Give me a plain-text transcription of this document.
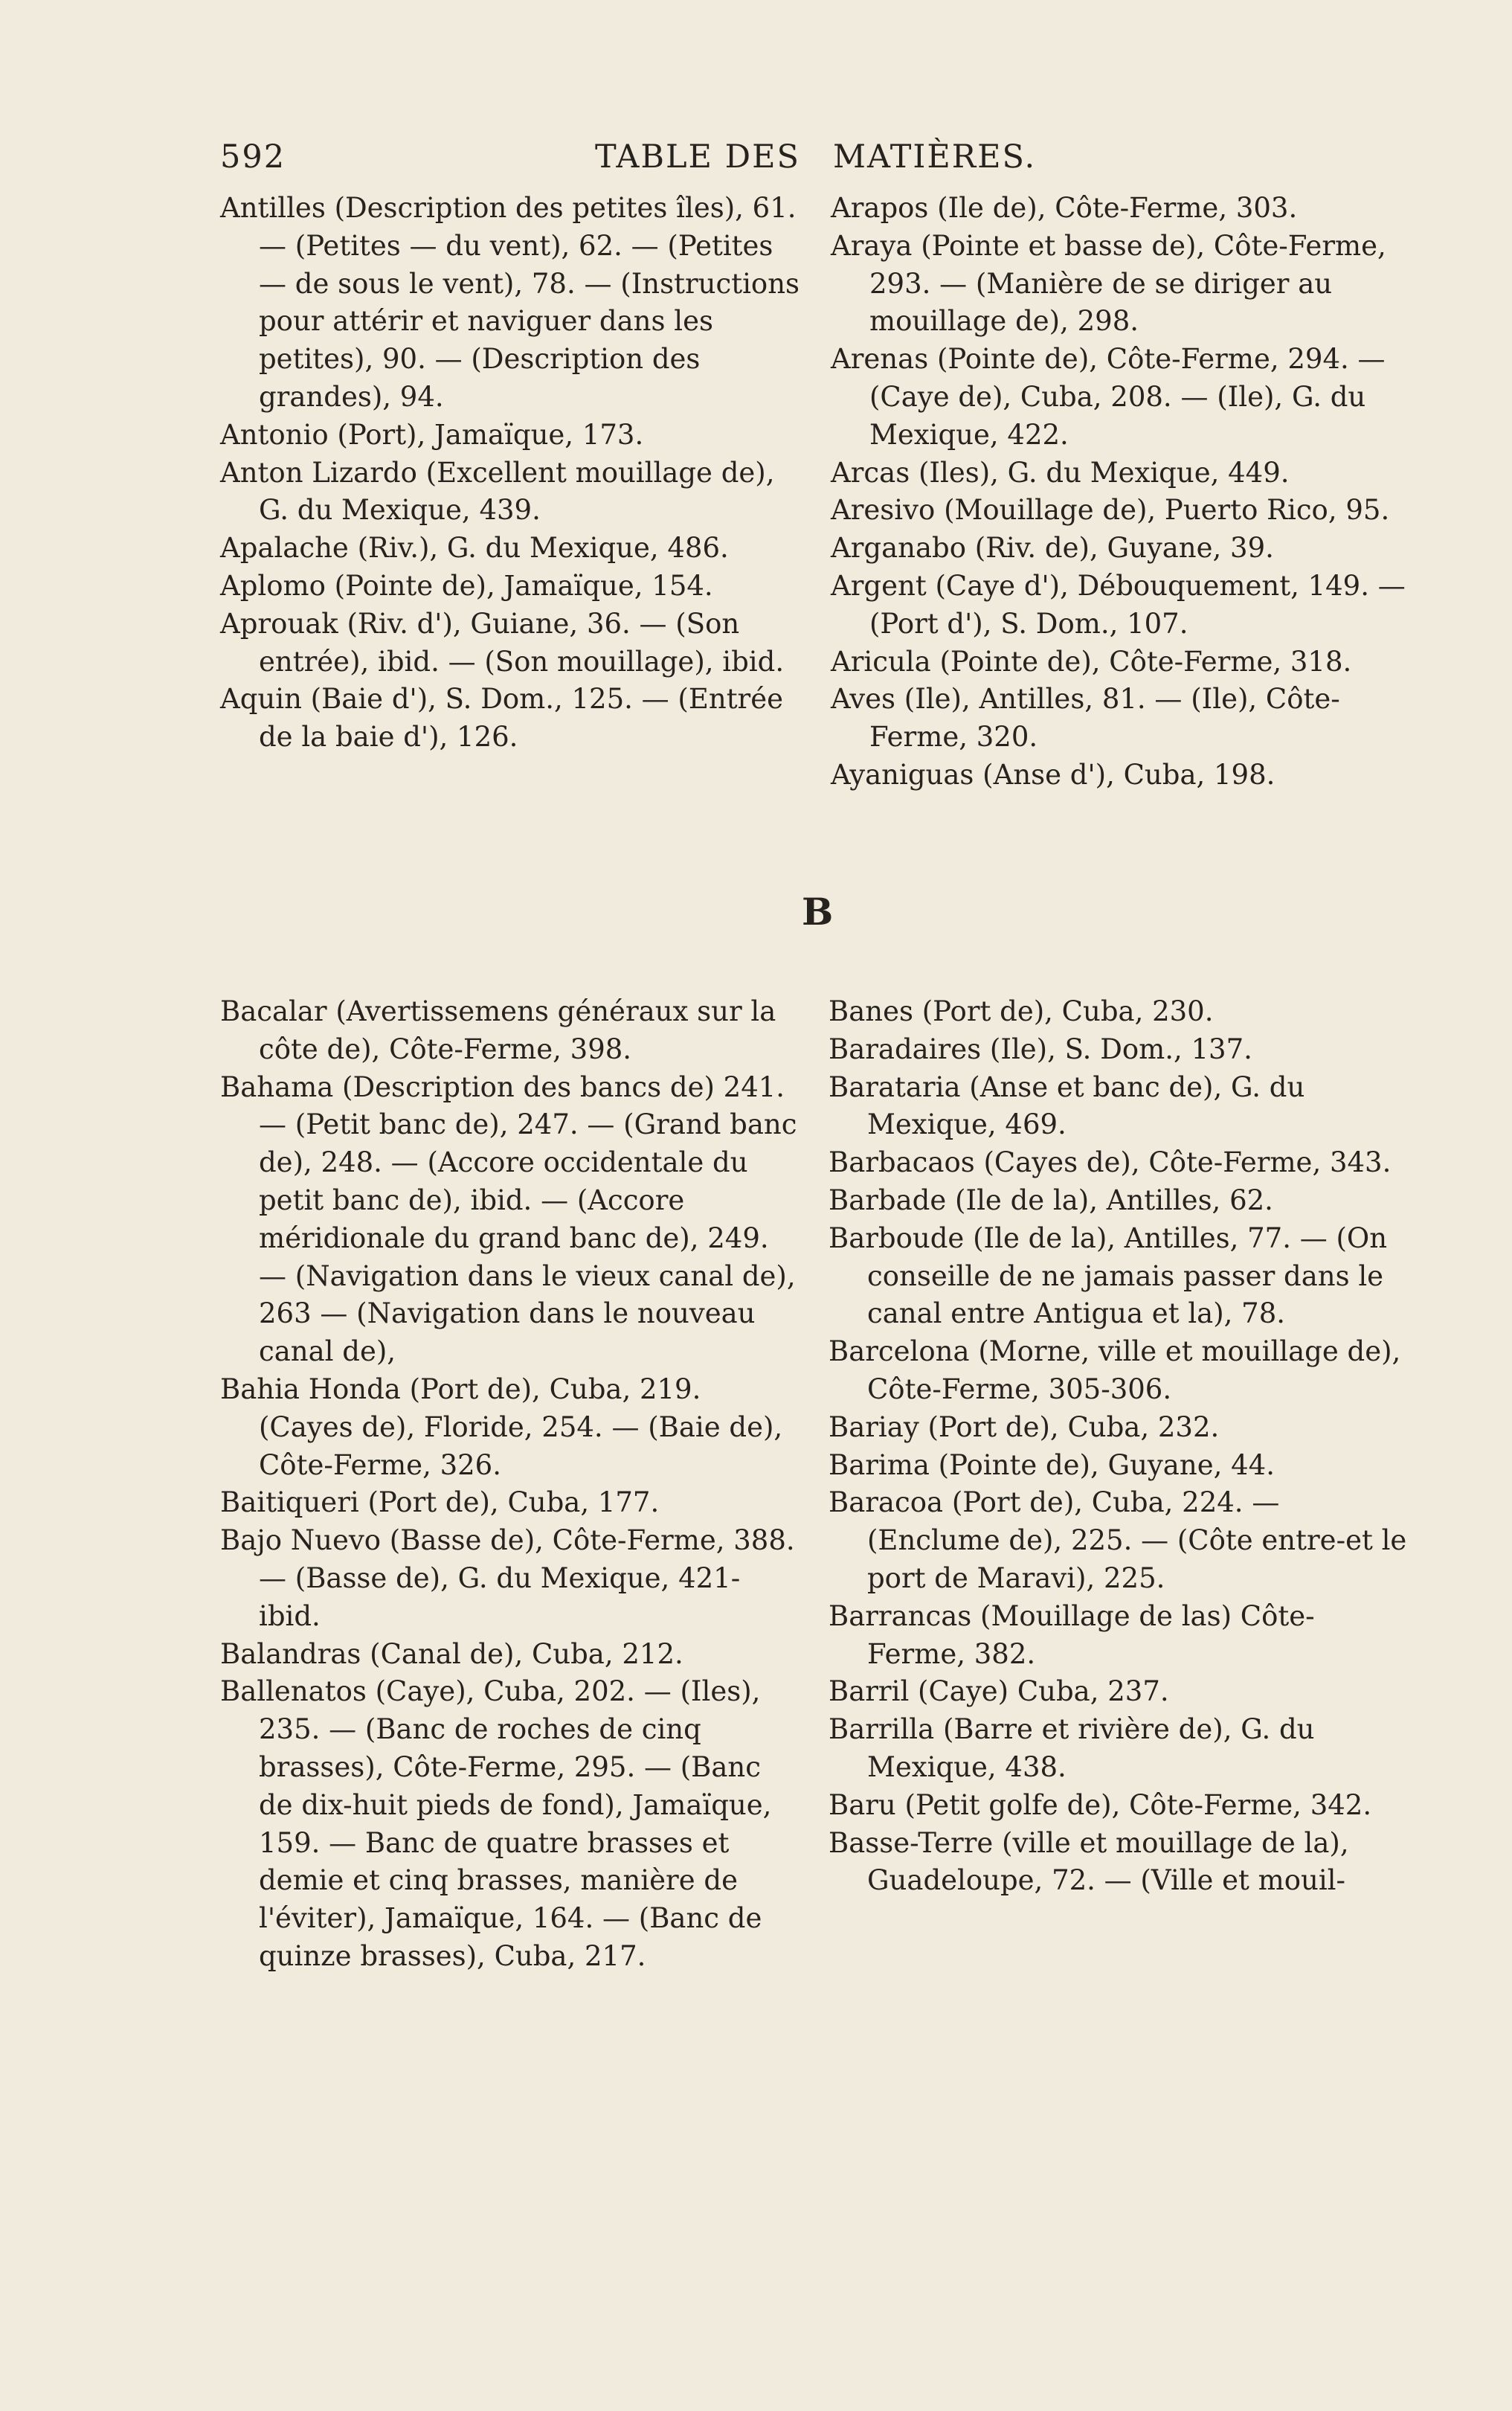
592	TABLE DES MATIÈRES.

Antilles (Description des petites îles), 61. — (Petites — du vent), 62. — (Petites — de sous le vent), 78. — (Instructions pour attérir et naviguer dans les petites), 90. — (Description des grandes), 94.

Antonio (Port), Jamaïque, 173.

Anton Lizardo (Excellent mouillage de), G. du Mexique, 439.

Apalache (Riv.), G. du Mexique, 486.

Aplomo (Pointe de), Jamaïque, 154.

Aprouak (Riv. d'), Guiane, 36. — (Son entrée), ibid. — (Son mouillage), ibid.

Aquin (Baie d'), S. Dom., 125. — (Entrée de la baie d'), 126.

Arapos (Ile de), Côte-Ferme, 303.

Araya (Pointe et basse de), Côte-Ferme, 293. — (Manière de se diriger au mouillage de), 298.

Arenas (Pointe de), Côte-Ferme, 294. — (Caye de), Cuba, 208. — (Ile), G. du Mexique, 422.

Arcas (Iles), G. du Mexique, 449.

Aresivo (Mouillage de), Puerto Rico, 95.

Arganabo (Riv. de), Guyane, 39.

Argent (Caye d'), Débouquement, 149. — (Port d'), S. Dom., 107.

Aricula (Pointe de), Côte-Ferme, 318.

Aves (Ile), Antilles, 81. — (Ile), Côte-Ferme, 320.

Ayaniguas (Anse d'), Cuba, 198.

B

Bacalar (Avertissemens généraux sur la côte de), Côte-Ferme, 398.

Bahama (Description des bancs de) 241. — (Petit banc de), 247. — (Grand banc de), 248. — (Accore occidentale du petit banc de), ibid. — (Accore méridionale du grand banc de), 249. — (Navigation dans le vieux canal de), 263 — (Navigation dans le nouveau canal de),

Bahia Honda (Port de), Cuba, 219. (Cayes de), Floride, 254. — (Baie de), Côte-Ferme, 326.

Baitiqueri (Port de), Cuba, 177.

Bajo Nuevo (Basse de), Côte-Ferme, 388. — (Basse de), G. du Mexique, 421-ibid.

Balandras (Canal de), Cuba, 212.

Ballenatos (Caye), Cuba, 202. — (Iles), 235. — (Banc de roches de cinq brasses), Côte-Ferme, 295. — (Banc de dix-huit pieds de fond), Jamaïque, 159. — Banc de quatre brasses et demie et cinq brasses, manière de l'éviter), Jamaïque, 164. — (Banc de quinze brasses), Cuba, 217.

Banes (Port de), Cuba, 230.

Baradaires (Ile), S. Dom., 137.

Barataria (Anse et banc de), G. du Mexique, 469.

Barbacaos (Cayes de), Côte-Ferme, 343.

Barbade (Ile de la), Antilles, 62.

Barboude (Ile de la), Antilles, 77. — (On conseille de ne jamais passer dans le canal entre Antigua et la), 78.

Barcelona (Morne, ville et mouillage de), Côte-Ferme, 305-306.

Bariay (Port de), Cuba, 232.

Barima (Pointe de), Guyane, 44.

Baracoa (Port de), Cuba, 224. — (Enclume de), 225. — (Côte entre-et le port de Maravi), 225.

Barrancas (Mouillage de las) Côte-Ferme, 382.

Barril (Caye) Cuba, 237.

Barrilla (Barre et rivière de), G. du Mexique, 438.

Baru (Petit golfe de), Côte-Ferme, 342.

Basse-Terre (ville et mouillage de la), Guadeloupe, 72. — (Ville et mouil-
